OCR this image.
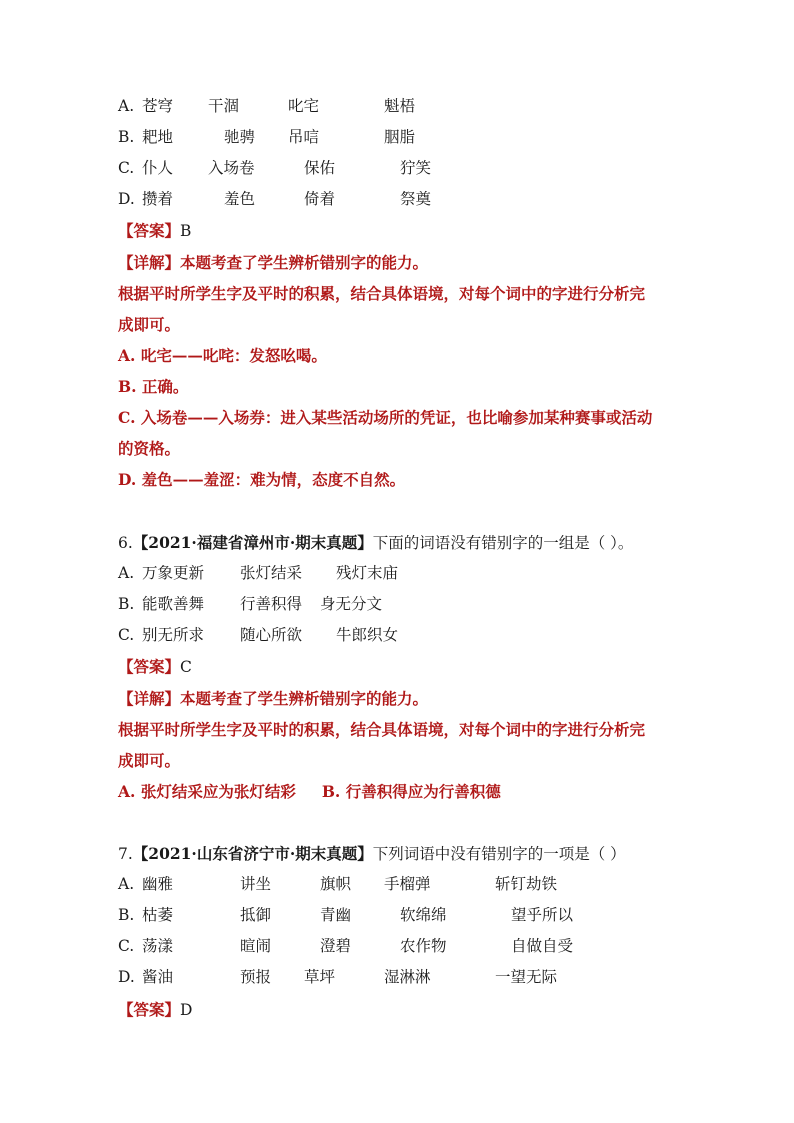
A. 苍穹 干涸	叱宅	魁梧
B. 耙地	驰骋 吊唁	胭脂
C. 仆人 入场卷	保佑	狞笑
D. 攒着	羞色	倚着	祭奠
【答案】B
【详解】本题考查了学生辨析错别字的能力。
根据平时所学生字及平时的积累，结合具体语境，对每个词中的字进行分析完
成即可。
A. 叱宅——叱咤：发怒吆喝。
B. 正确。
C. 入场卷——入场券：进入某些活动场所的凭证，也比喻参加某种赛事或活动
的资格。
D. 羞色——羞涩：难为情，态度不自然。
6.【2021·福建省漳州市·期末真题】下面的词语没有错别字的一组是（ ）。
A. 万象更新 张灯结采 残灯末庙
B. 能歌善舞 行善积得 身无分文
C. 别无所求 随心所欲 牛郎织女
【答案】C
【详解】本题考查了学生辨析错别字的能力。
根据平时所学生字及平时的积累，结合具体语境，对每个词中的字进行分析完
成即可。
A. 张灯结采应为张灯结彩 B. 行善积得应为行善积德
7.【2021·山东省济宁市·期末真题】下列词语中没有错别字的一项是（ ）
A. 幽雅	讲坐	旗帜 手榴弹	斩钉劫铁
B. 枯萎	抵御	青幽	软绵绵	望乎所以
C. 荡漾	暄闹	澄碧	农作物	自做自受
D. 酱油	预报 草坪	湿淋淋	一望无际
【答案】D
